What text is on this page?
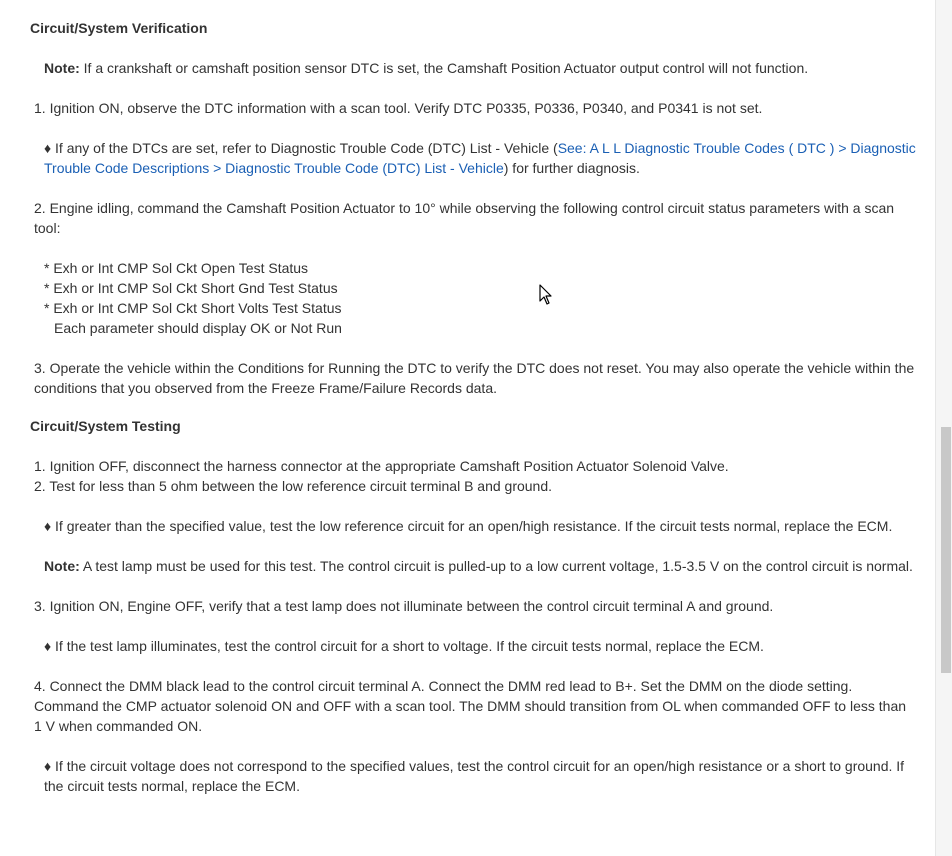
Circuit/System Verification

Note: If a crankshaft or camshaft position sensor DTC is set, the Camshaft Position Actuator output control will not function.

1. Ignition ON, observe the DTC information with a scan tool. Verify DTC P0335, P0336, P0340, and P0341 is not set.

♦ If any of the DTCs are set, refer to Diagnostic Trouble Code (DTC) List - Vehicle (See: A L L Diagnostic Trouble Codes ( DTC ) > Diagnostic Trouble Code Descriptions > Diagnostic Trouble Code (DTC) List - Vehicle) for further diagnosis.

2. Engine idling, command the Camshaft Position Actuator to 10° while observing the following control circuit status parameters with a scan tool:

* Exh or Int CMP Sol Ckt Open Test Status

* Exh or Int CMP Sol Ckt Short Gnd Test Status

* Exh or Int CMP Sol Ckt Short Volts Test Status

Each parameter should display OK or Not Run

3. Operate the vehicle within the Conditions for Running the DTC to verify the DTC does not reset. You may also operate the vehicle within the conditions that you observed from the Freeze Frame/Failure Records data.

Circuit/System Testing

1. Ignition OFF, disconnect the harness connector at the appropriate Camshaft Position Actuator Solenoid Valve.

2. Test for less than 5 ohm between the low reference circuit terminal B and ground.

♦ If greater than the specified value, test the low reference circuit for an open/high resistance. If the circuit tests normal, replace the ECM.

Note: A test lamp must be used for this test. The control circuit is pulled-up to a low current voltage, 1.5-3.5 V on the control circuit is normal.

3. Ignition ON, Engine OFF, verify that a test lamp does not illuminate between the control circuit terminal A and ground.

♦ If the test lamp illuminates, test the control circuit for a short to voltage. If the circuit tests normal, replace the ECM.

4. Connect the DMM black lead to the control circuit terminal A. Connect the DMM red lead to B+. Set the DMM on the diode setting. Command the CMP actuator solenoid ON and OFF with a scan tool. The DMM should transition from OL when commanded OFF to less than 1 V when commanded ON.

♦ If the circuit voltage does not correspond to the specified values, test the control circuit for an open/high resistance or a short to ground. If the circuit tests normal, replace the ECM.
